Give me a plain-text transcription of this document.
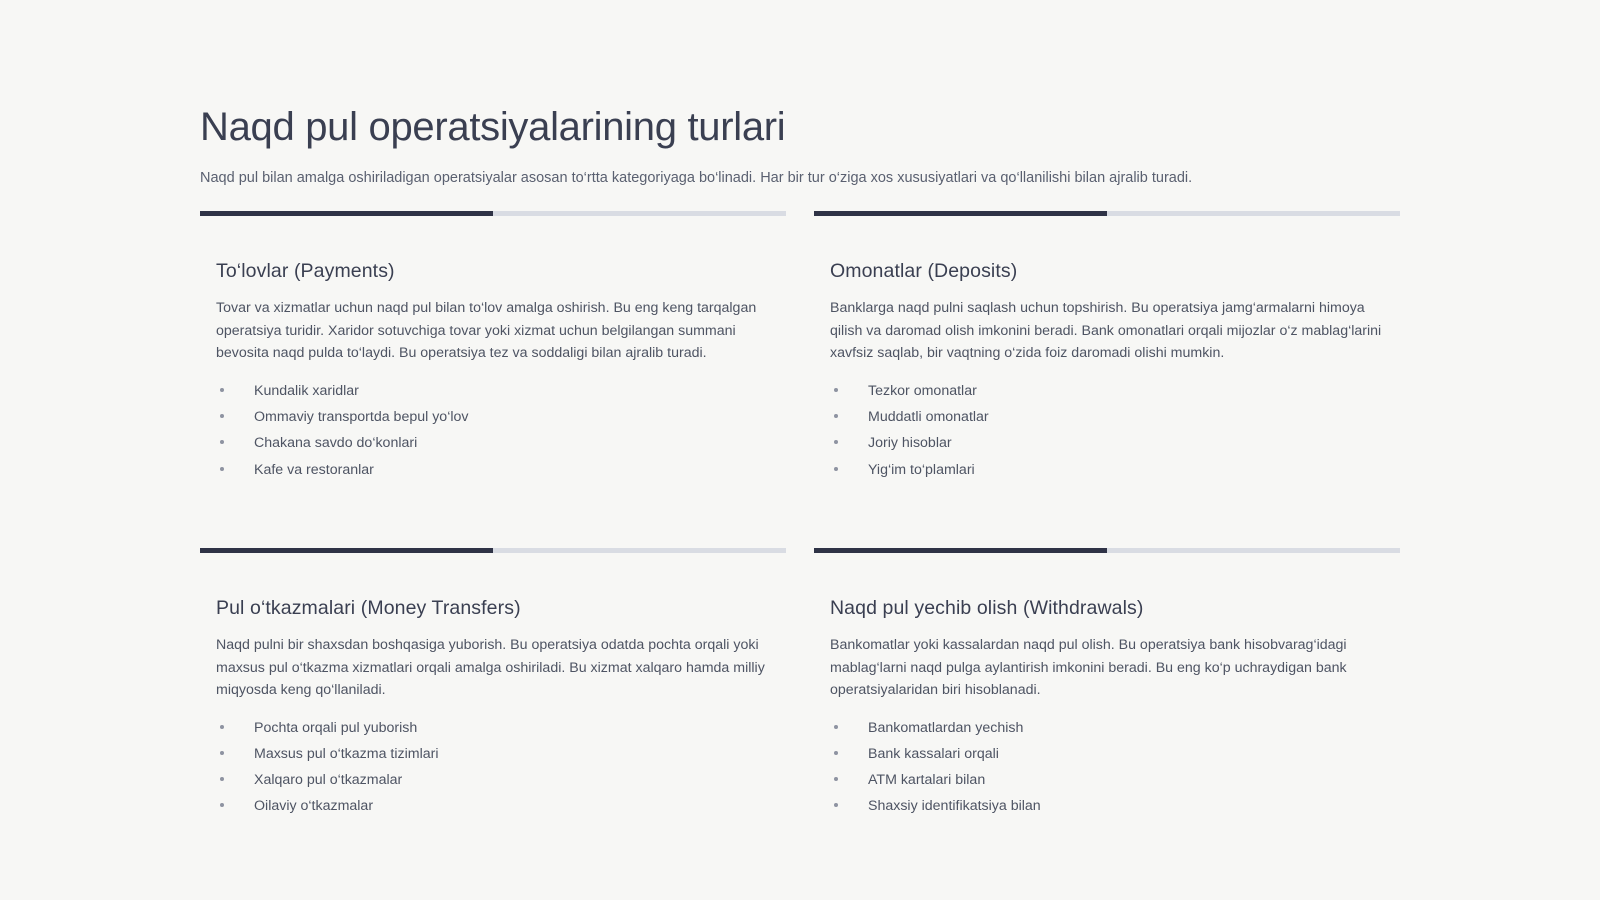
Naqd pul operatsiyalarining turlari

Naqd pul bilan amalga oshiriladigan operatsiyalar asosan to‘rtta kategoriyaga bo‘linadi. Har bir tur o‘ziga xos xususiyatlari va qo‘llanilishi bilan ajralib turadi.

To‘lovlar (Payments)

Tovar va xizmatlar uchun naqd pul bilan to‘lov amalga oshirish. Bu eng keng tarqalgan operatsiya turidir. Xaridor sotuvchiga tovar yoki xizmat uchun belgilangan summani bevosita naqd pulda to‘laydi. Bu operatsiya tez va soddaligi bilan ajralib turadi.

Kundalik xaridlar
Ommaviy transportda bepul yo‘lov
Chakana savdo do‘konlari
Kafe va restoranlar
Omonatlar (Deposits)

Banklarga naqd pulni saqlash uchun topshirish. Bu operatsiya jamg‘armalarni himoya qilish va daromad olish imkonini beradi. Bank omonatlari orqali mijozlar o‘z mablag‘larini xavfsiz saqlab, bir vaqtning o‘zida foiz daromadi olishi mumkin.

Tezkor omonatlar
Muddatli omonatlar
Joriy hisoblar
Yig‘im to‘plamlari
Pul o‘tkazmalari (Money Transfers)

Naqd pulni bir shaxsdan boshqasiga yuborish. Bu operatsiya odatda pochta orqali yoki maxsus pul o‘tkazma xizmatlari orqali amalga oshiriladi. Bu xizmat xalqaro hamda milliy miqyosda keng qo‘llaniladi.

Pochta orqali pul yuborish
Maxsus pul o‘tkazma tizimlari
Xalqaro pul o‘tkazmalar
Oilaviy o‘tkazmalar
Naqd pul yechib olish (Withdrawals)

Bankomatlar yoki kassalardan naqd pul olish. Bu operatsiya bank hisobvarag‘idagi mablag‘larni naqd pulga aylantirish imkonini beradi. Bu eng ko‘p uchraydigan bank operatsiyalaridan biri hisoblanadi.

Bankomatlardan yechish
Bank kassalari orqali
ATM kartalari bilan
Shaxsiy identifikatsiya bilan
